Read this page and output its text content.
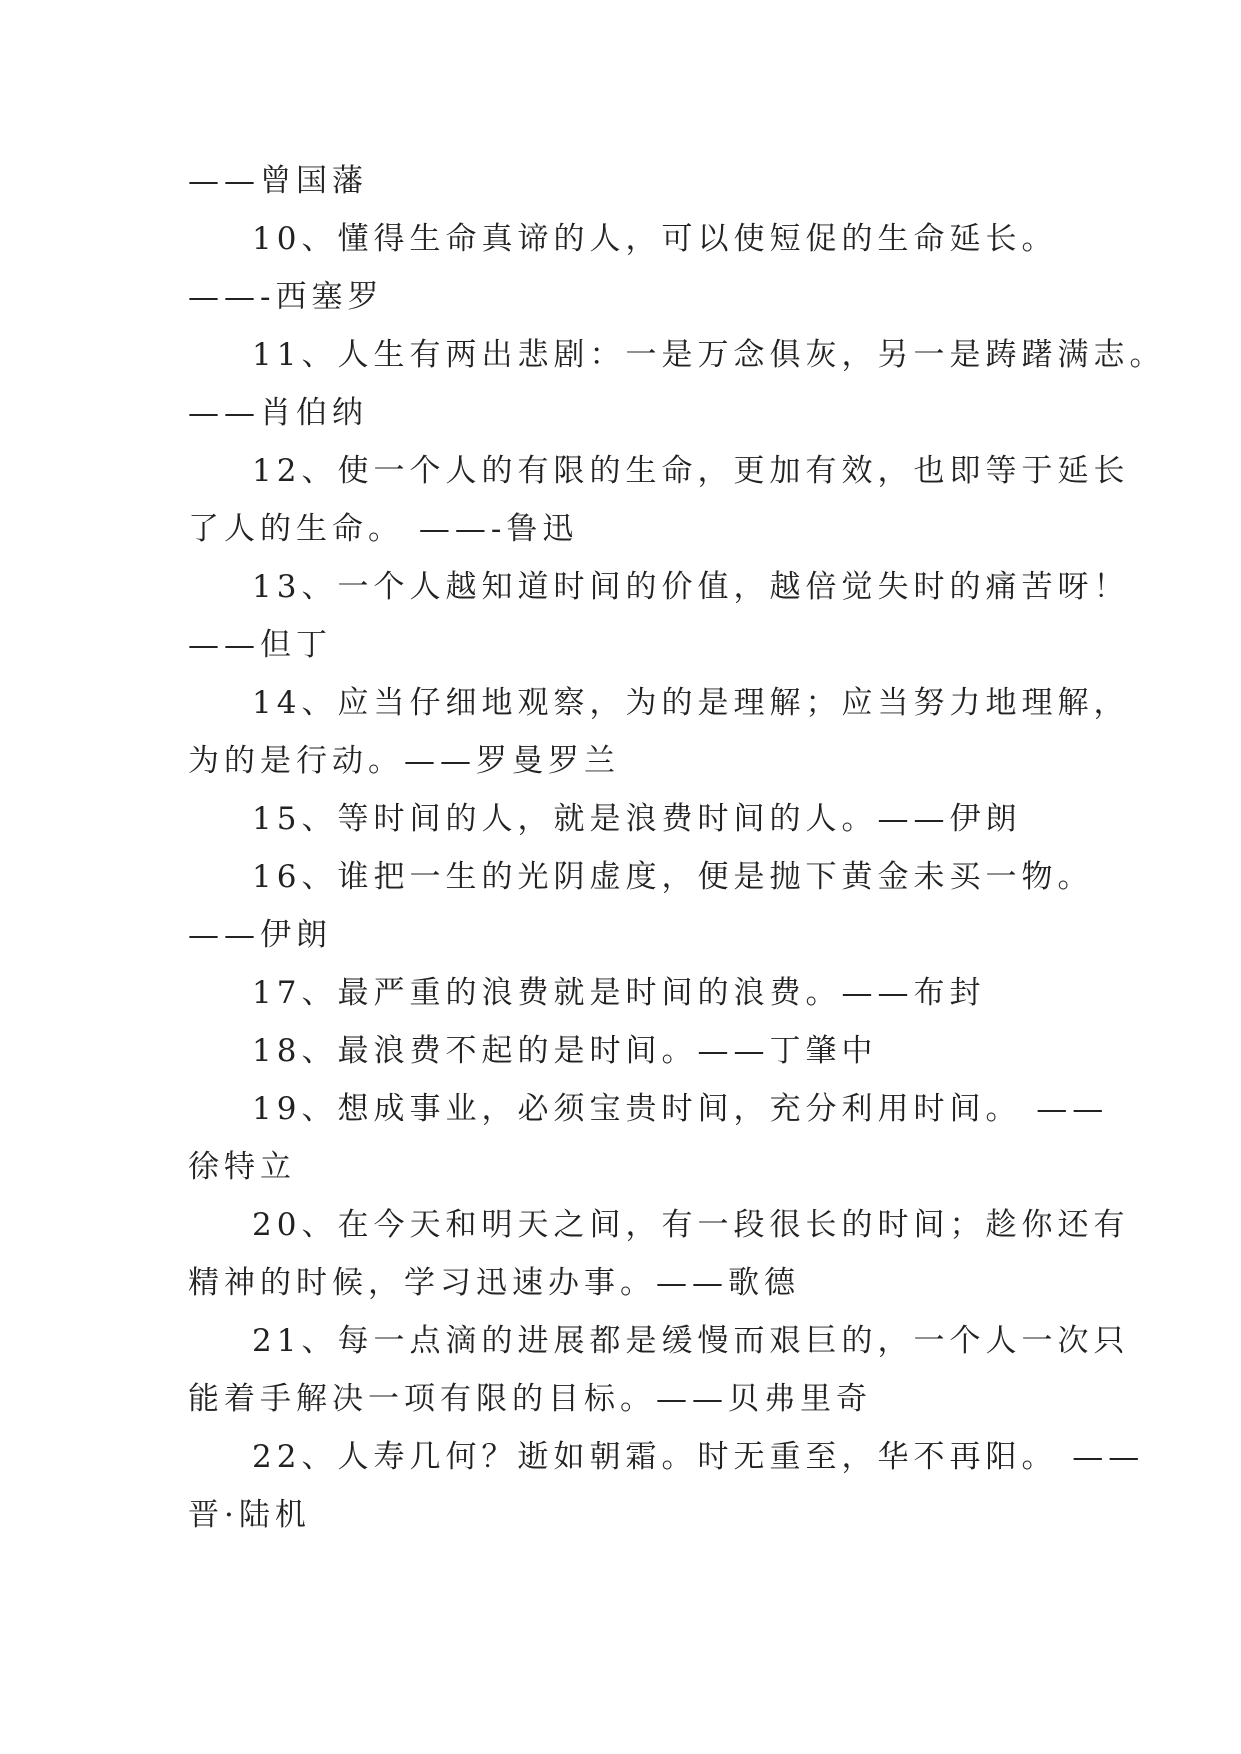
——曾国藩
10、懂得生命真谛的人，可以使短促的生命延长。
——-西塞罗
11、人生有两出悲剧：一是万念俱灰，另一是踌躇满志。
——肖伯纳
12、使一个人的有限的生命，更加有效，也即等于延长
了人的生命。 ——-鲁迅
13、一个人越知道时间的价值，越倍觉失时的痛苦呀！
——但丁
14、应当仔细地观察，为的是理解；应当努力地理解，
为的是行动。——罗曼罗兰
15、等时间的人，就是浪费时间的人。——伊朗
16、谁把一生的光阴虚度，便是抛下黄金未买一物。
——伊朗
17、最严重的浪费就是时间的浪费。——布封
18、最浪费不起的是时间。——丁肇中
19、想成事业，必须宝贵时间，充分利用时间。 ——
徐特立
20、在今天和明天之间，有一段很长的时间；趁你还有
精神的时候，学习迅速办事。——歌德
21、每一点滴的进展都是缓慢而艰巨的，一个人一次只
能着手解决一项有限的目标。——贝弗里奇
22、人寿几何？逝如朝霜。时无重至，华不再阳。 ——
晋·陆机
